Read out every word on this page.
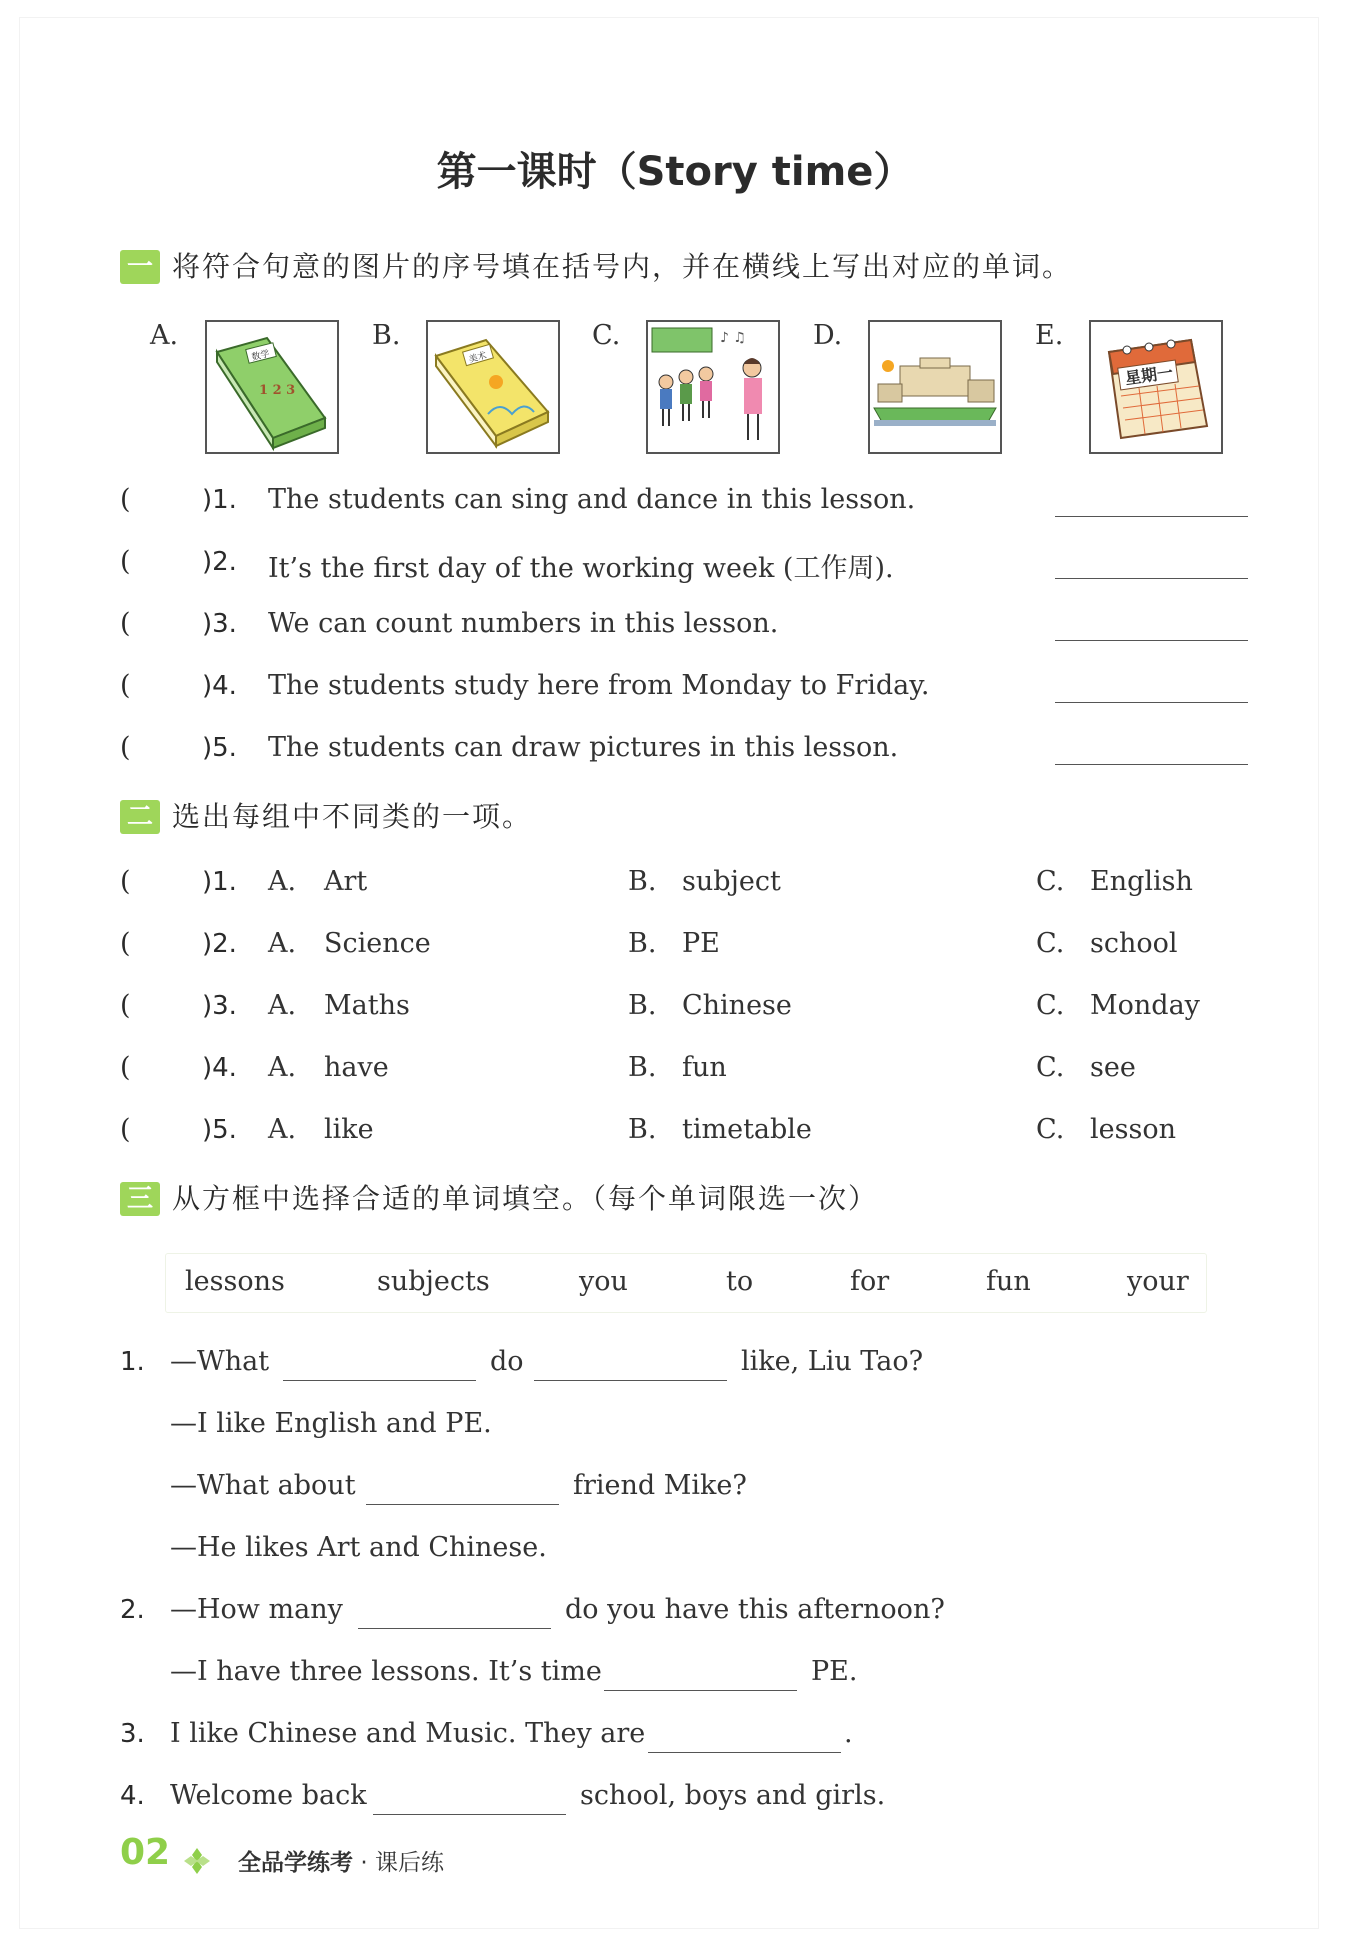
第一课时（Story time）
一 将符合句意的图片的序号填在括号内，并在横线上写出对应的单词。
A.	B.	C.	D.	E.
数学
1 2 3
美术
♪ ♫
星期一
(	)1. The students can sing and dance in this lesson.
(	)2. It’s the first day of the working week (工作周).
(	)3. We can count numbers in this lesson.
(	)4. The students study here from Monday to Friday.
(	)5. The students can draw pictures in this lesson.
二 选出每组中不同类的一项。
(	)1. A. Art	B. subject	C. English
(	)2. A. Science	B. PE	C. school
(	)3. A. Maths	B. Chinese	C. Monday
(	)4. A. have	B. fun	C. see
(	)5. A. like	B. timetable	C. lesson
三 从方框中选择合适的单词填空。（每个单词限选一次）
lessons	subjects	you	to	for	fun	your
1. —What	do	like, Liu Tao?
—I like English and PE.
—What about	friend Mike?
—He likes Art and Chinese.
2. —How many	do you have this afternoon?
—I have three lessons. It’s time	PE.
3. I like Chinese and Music. They are	.
4. Welcome back	school, boys and girls.
02	全品学练考 · 课后练
